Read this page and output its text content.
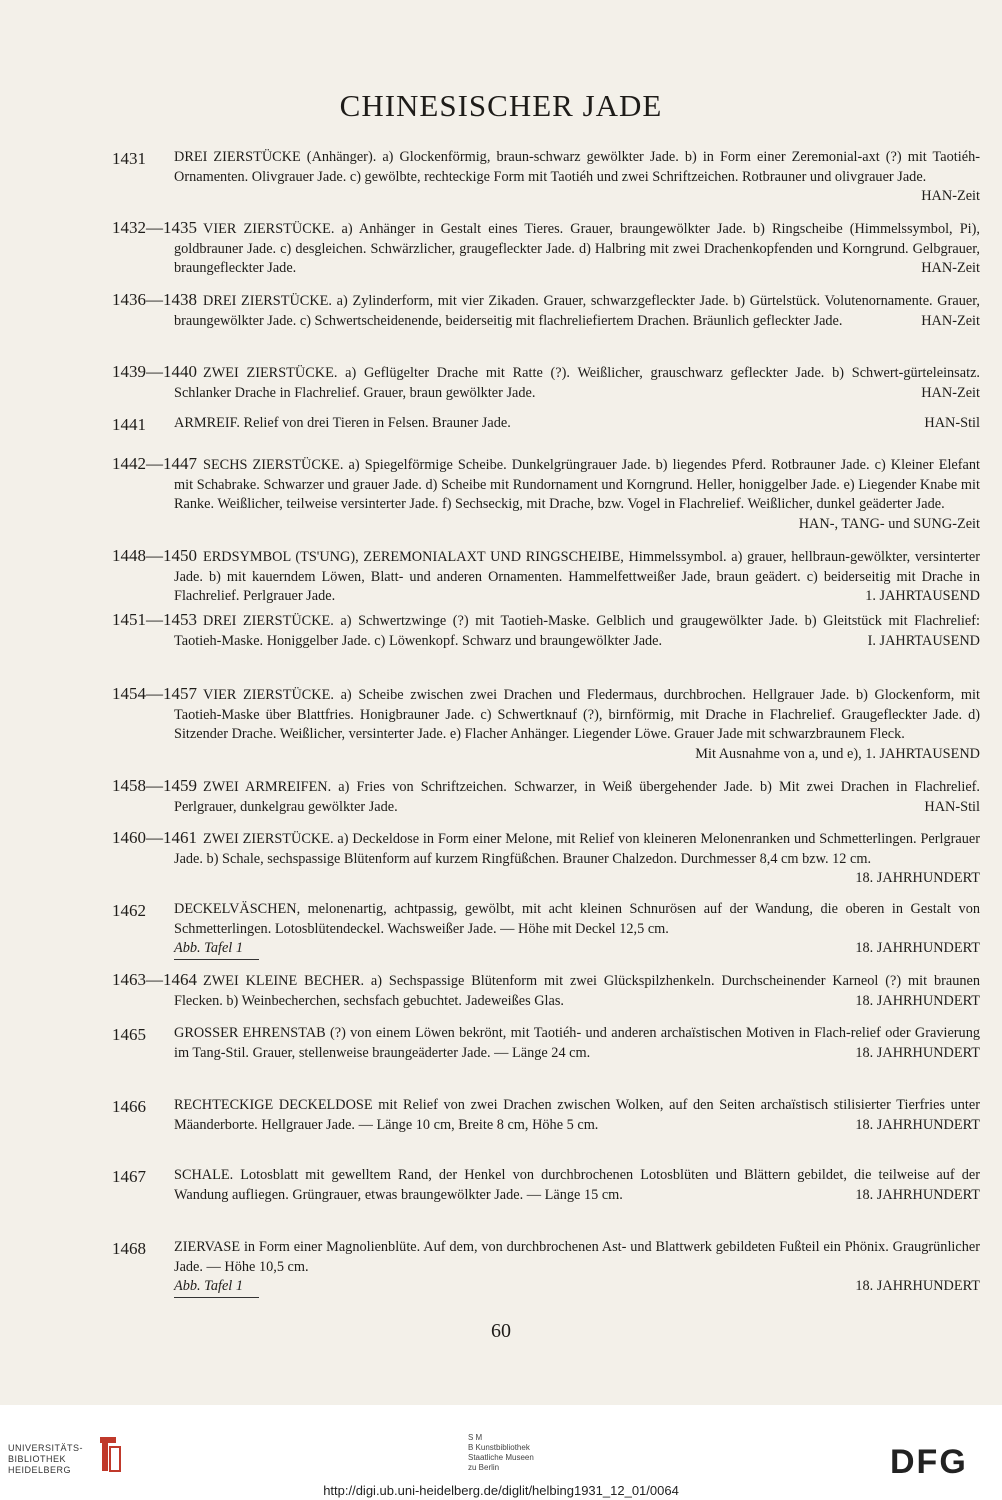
CHINESISCHER JADE
1431 DREI ZIERSTÜCKE (Anhänger). a) Glockenförmig, braun-schwarz gewölkter Jade. b) in Form einer Zeremonial-axt (?) mit Taotiéh-Ornamenten. Olivgrauer Jade. c) gewölbte, rechteckige Form mit Taotiéh und zwei Schriftzeichen. Rotbrauner und olivgrauer Jade.
HAN-Zeit
1432—1435 VIER ZIERSTÜCKE. a) Anhänger in Gestalt eines Tieres. Grauer, braungewölkter Jade. b) Ringscheibe (Himmelssymbol, Pi), goldbrauner Jade. c) desgleichen. Schwärzlicher, graugefleckter Jade. d) Halbring mit zwei Drachenkopfenden und Korngrund. Gelbgrauer, braungefleckter Jade.	HAN-Zeit
1436—1438 DREI ZIERSTÜCKE. a) Zylinderform, mit vier Zikaden. Grauer, schwarzgefleckter Jade. b) Gürtelstück. Volutenornamente. Grauer, braungewölkter Jade. c) Schwertscheidenende, beiderseitig mit flachreliefiertem Drachen. Bräunlich gefleckter Jade.	HAN-Zeit
1439—1440 ZWEI ZIERSTÜCKE. a) Geflügelter Drache mit Ratte (?). Weißlicher, grauschwarz gefleckter Jade. b) Schwert-gürteleinsatz. Schlanker Drache in Flachrelief. Grauer, braun gewölkter Jade.	HAN-Zeit
1441 ARMREIF. Relief von drei Tieren in Felsen. Brauner Jade.	HAN-Stil
1442—1447 SECHS ZIERSTÜCKE. a) Spiegelförmige Scheibe. Dunkelgrüngrauer Jade. b) liegendes Pferd. Rotbrauner Jade. c) Kleiner Elefant mit Schabrake. Schwarzer und grauer Jade. d) Scheibe mit Rundornament und Korngrund. Heller, honiggelber Jade. e) Liegender Knabe mit Ranke. Weißlicher, teilweise versinterter Jade. f) Sechseckig, mit Drache, bzw. Vogel in Flachrelief. Weißlicher, dunkel geäderter Jade.
HAN-, TANG- und SUNG-Zeit
1448—1450 ERDSYMBOL (TS'UNG), ZEREMONIALAXT UND RINGSCHEIBE, Himmelssymbol. a) grauer, hellbraun-gewölkter, versinterter Jade. b) mit kauerndem Löwen, Blatt- und anderen Ornamenten. Hammelfettweißer Jade, braun geädert. c) beiderseitig mit Drache in Flachrelief. Perlgrauer Jade.	1. JAHRTAUSEND
1451—1453 DREI ZIERSTÜCKE. a) Schwertzwinge (?) mit Taotieh-Maske. Gelblich und graugewölkter Jade. b) Gleitstück mit Flachrelief: Taotieh-Maske. Honiggelber Jade. c) Löwenkopf. Schwarz und braungewölkter Jade.	I. JAHRTAUSEND
1454—1457 VIER ZIERSTÜCKE. a) Scheibe zwischen zwei Drachen und Fledermaus, durchbrochen. Hellgrauer Jade. b) Glockenform, mit Taotieh-Maske über Blattfries. Honigbrauner Jade. c) Schwertknauf (?), birnförmig, mit Drache in Flachrelief. Graugefleckter Jade. d) Sitzender Drache. Weißlicher, versinterter Jade. e) Flacher Anhänger. Liegender Löwe. Grauer Jade mit schwarzbraunem Fleck.
Mit Ausnahme von a, und e), 1. JAHRTAUSEND
1458—1459 ZWEI ARMREIFEN. a) Fries von Schriftzeichen. Schwarzer, in Weiß übergehender Jade. b) Mit zwei Drachen in Flachrelief. Perlgrauer, dunkelgrau gewölkter Jade.	HAN-Stil
1460—1461 ZWEI ZIERSTÜCKE. a) Deckeldose in Form einer Melone, mit Relief von kleineren Melonenranken und Schmetterlingen. Perlgrauer Jade. b) Schale, sechspassige Blütenform auf kurzem Ringfüßchen. Brauner Chalzedon. Durchmesser 8,4 cm bzw. 12 cm.
18. JAHRHUNDERT
1462 DECKELVÄSCHEN, melonenartig, achtpassig, gewölbt, mit acht kleinen Schnurösen auf der Wandung, die oberen in Gestalt von Schmetterlingen. Lotosblütendeckel. Wachsweißer Jade. — Höhe mit Deckel 12,5 cm.
Abb. Tafel 1	18. JAHRHUNDERT
1463—1464 ZWEI KLEINE BECHER. a) Sechspassige Blütenform mit zwei Glückspilzhenkeln. Durchscheinender Karneol (?) mit braunen Flecken. b) Weinbecherchen, sechsfach gebuchtet. Jadeweißes Glas.	18. JAHRHUNDERT
1465 GROSSER EHRENSTAB (?) von einem Löwen bekrönt, mit Taotiéh- und anderen archaïstischen Motiven in Flach-relief oder Gravierung im Tang-Stil. Grauer, stellenweise braungeäderter Jade. — Länge 24 cm.	18. JAHRHUNDERT
1466 RECHTECKIGE DECKELDOSE mit Relief von zwei Drachen zwischen Wolken, auf den Seiten archaïstisch stilisierter Tierfries unter Mäanderborte. Hellgrauer Jade. — Länge 10 cm, Breite 8 cm, Höhe 5 cm.	18. JAHRHUNDERT
1467 SCHALE. Lotosblatt mit gewelltem Rand, der Henkel von durchbrochenen Lotosblüten und Blättern gebildet, die teilweise auf der Wandung aufliegen. Grüngrauer, etwas braungewölkter Jade. — Länge 15 cm.	18. JAHRHUNDERT
1468 ZIERVASE in Form einer Magnolienblüte. Auf dem, von durchbrochenen Ast- und Blattwerk gebildeten Fußteil ein Phönix. Graugrünlicher Jade. — Höhe 10,5 cm.
Abb. Tafel 1	18. JAHRHUNDERT
60
UNIVERSITÄTS-
BIBLIOTHEK
HEIDELBERG
S M
B Kunstbibliothek
Staatliche Museen
zu Berlin	DFG
http://digi.ub.uni-heidelberg.de/diglit/helbing1931_12_01/0064
